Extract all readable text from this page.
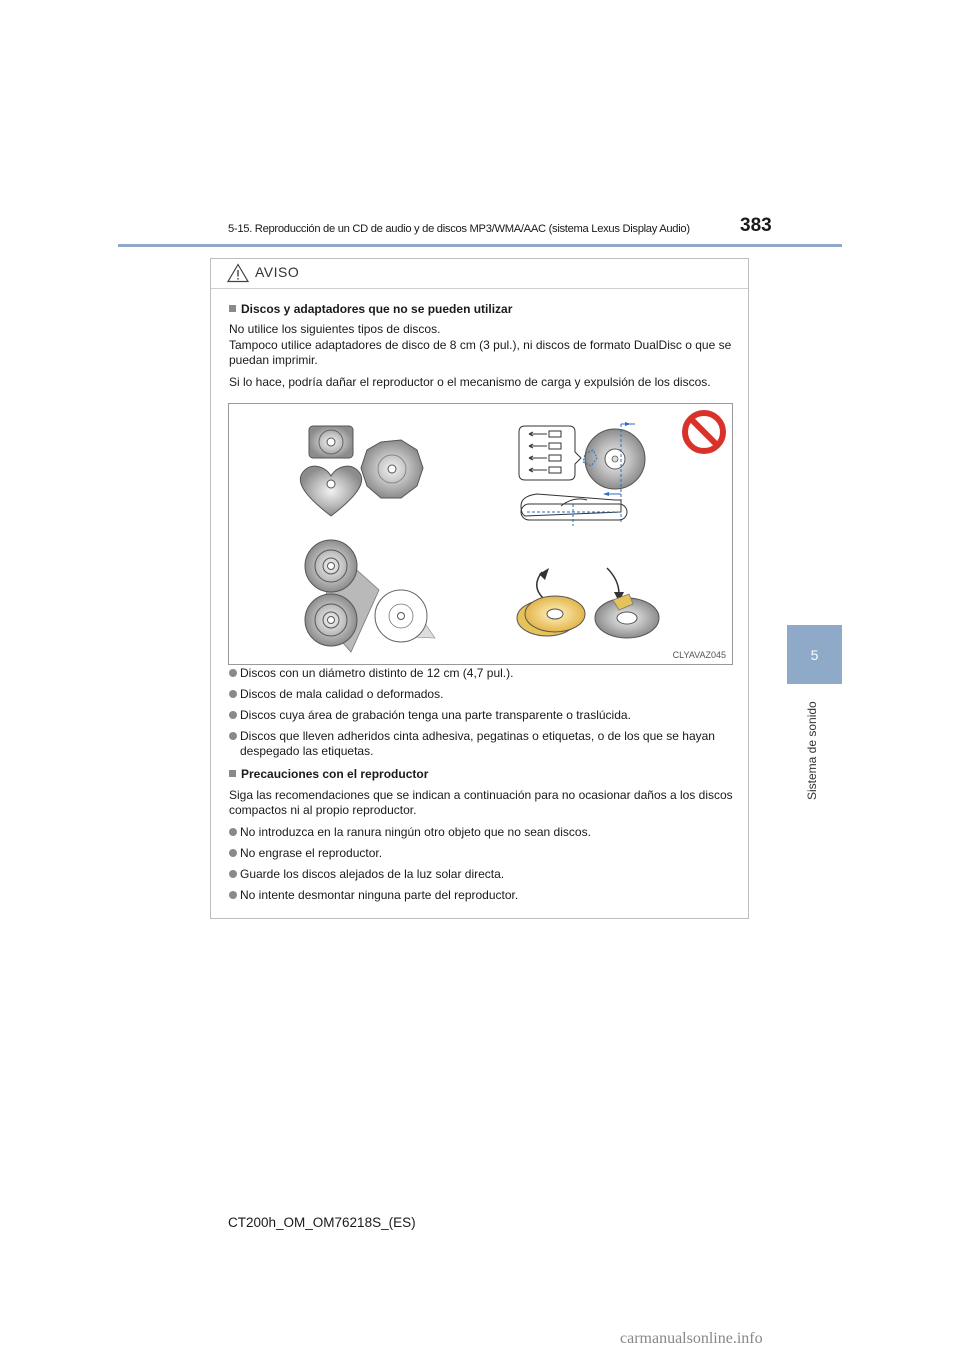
5-15. Reproducción de un CD de audio y de discos MP3/WMA/AAC (sistema Lexus Display Audio)	383
5
Sistema de sonido
AVISO
Discos y adaptadores que no se pueden utilizar
No utilice los siguientes tipos de discos.
Tampoco utilice adaptadores de disco de 8 cm (3 pul.), ni discos de formato DualDisc o que se puedan imprimir.
Si lo hace, podría dañar el reproductor o el mecanismo de carga y expulsión de los discos.
CLYAVAZ045
Discos con un diámetro distinto de 12 cm (4,7 pul.).
Discos de mala calidad o deformados.
Discos cuya área de grabación tenga una parte transparente o traslúcida.
Discos que lleven adheridos cinta adhesiva, pegatinas o etiquetas, o de los que se hayan despegado las etiquetas.
Precauciones con el reproductor
Siga las recomendaciones que se indican a continuación para no ocasionar daños a los discos compactos ni al propio reproductor.
No introduzca en la ranura ningún otro objeto que no sean discos.
No engrase el reproductor.
Guarde los discos alejados de la luz solar directa.
No intente desmontar ninguna parte del reproductor.
CT200h_OM_OM76218S_(ES)
carmanualsonline.info
